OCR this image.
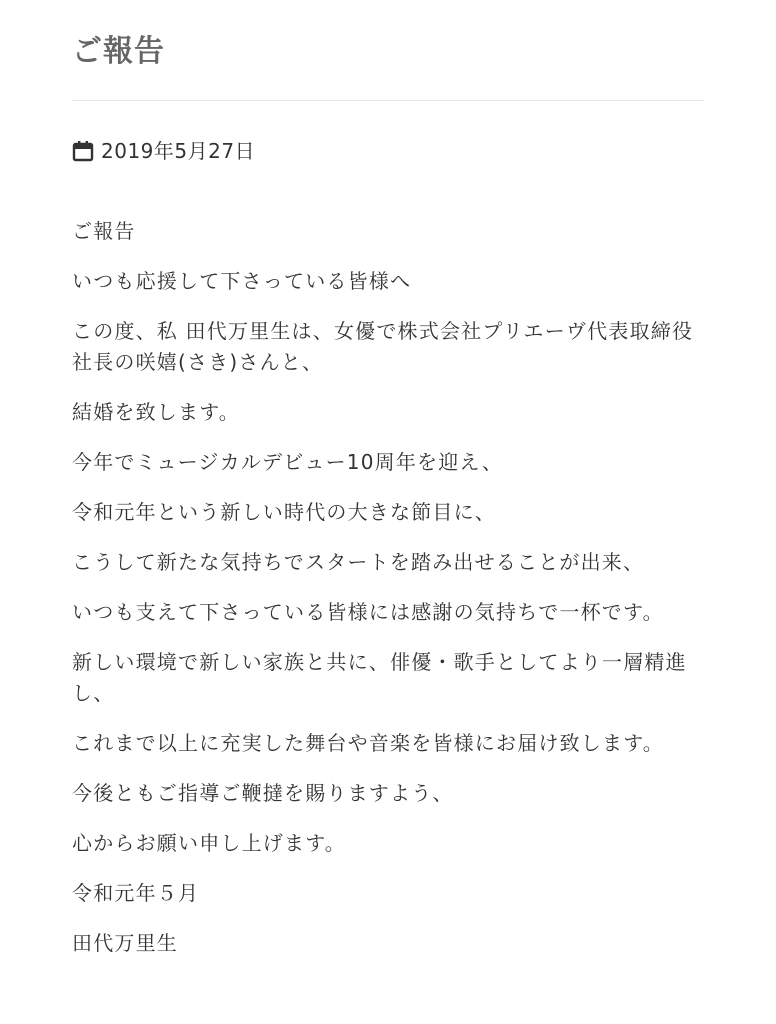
ご報告
2019年5月27日

ご報告

いつも応援して下さっている皆様へ

この度、私 田代万里生は、女優で株式会社プリエーヴ代表取締役社長の咲嬉(さき)さんと、

結婚を致します。

今年でミュージカルデビュー10周年を迎え、

令和元年という新しい時代の大きな節目に、

こうして新たな気持ちでスタートを踏み出せることが出来、

いつも支えて下さっている皆様には感謝の気持ちで一杯です。

新しい環境で新しい家族と共に、俳優・歌手としてより一層精進し、

これまで以上に充実した舞台や音楽を皆様にお届け致します。

今後ともご指導ご鞭撻を賜りますよう、

心からお願い申し上げます。

令和元年５月

田代万里生
